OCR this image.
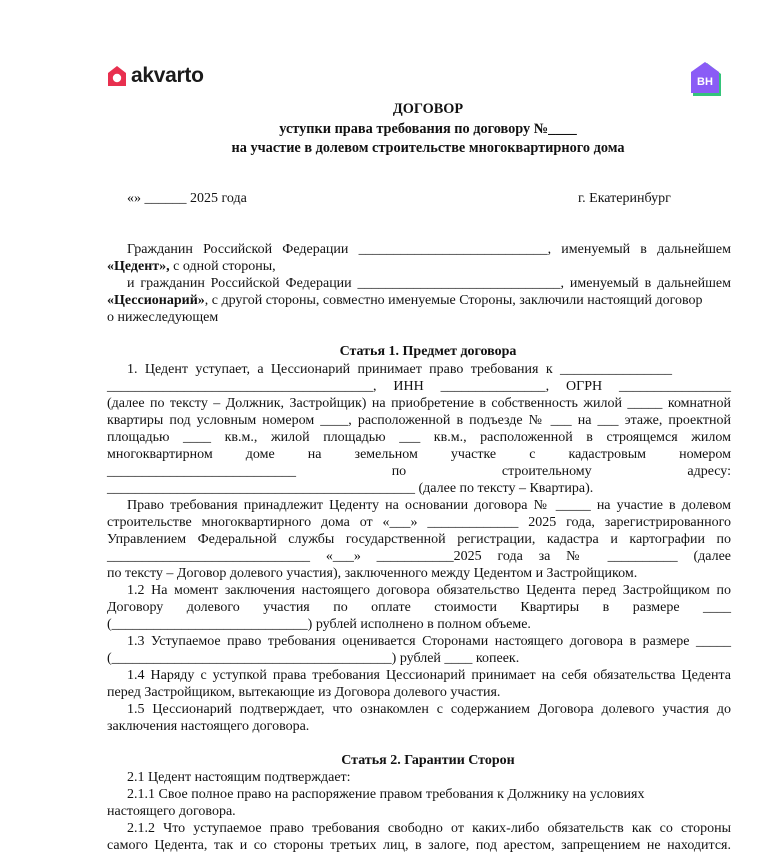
akvarto	ВН
ДОГОВОР
уступки права требования по договору №____
на участие в долевом строительстве многоквартирного дома
«» ______ 2025 года	г. Екатеринбург
Гражданин Российской Федерации ___________________________, именуемый в дальнейшем
«Цедент», с одной стороны,
и гражданин Российской Федерации _____________________________, именуемый в дальнейшем
«Цессионарий», с другой стороны, совместно именуемые Стороны, заключили настоящий договор
о нижеследующем
Статья 1. Предмет договора
1. Цедент уступает, а Цессионарий принимает право требования к ________________
______________________________________, ИНН _______________, ОГРН ________________
(далее по тексту – Должник, Застройщик) на приобретение в собственность жилой _____ комнатной
квартиры под условным номером ____, расположенной в подъезде № ___ на ___ этаже, проектной
площадью ____ кв.м., жилой площадью ___ кв.м., расположенной в строящемся жилом
многоквартирном доме на земельном участке с кадастровым номером
___________________________ по строительному адресу:
____________________________________________ (далее по тексту – Квартира).
Право требования принадлежит Цеденту на основании договора № _____ на участие в долевом
строительстве многоквартирного дома от «___» _____________ 2025 года, зарегистрированного
Управлением Федеральной службы государственной регистрации, кадастра и картографии по
_____________________________ «___» ___________2025 года за № __________ (далее
по тексту – Договор долевого участия), заключенного между Цедентом и Застройщиком.
1.2 На момент заключения настоящего договора обязательство Цедента перед Застройщиком по
Договору долевого участия по оплате стоимости Квартиры в размере ____
(____________________________) рублей исполнено в полном объеме.
1.3 Уступаемое право требования оценивается Сторонами настоящего договора в размере _____
(________________________________________) рублей ____ копеек.
1.4 Наряду с уступкой права требования Цессионарий принимает на себя обязательства Цедента
перед Застройщиком, вытекающие из Договора долевого участия.
1.5 Цессионарий подтверждает, что ознакомлен с содержанием Договора долевого участия до
заключения настоящего договора.
Статья 2. Гарантии Сторон
2.1 Цедент настоящим подтверждает:
2.1.1 Свое полное право на распоряжение правом требования к Должнику на условиях
настоящего договора.
2.1.2 Что уступаемое право требования свободно от каких-либо обязательств как со стороны
самого Цедента, так и со стороны третьих лиц, в залоге, под арестом, запрещением не находится.
